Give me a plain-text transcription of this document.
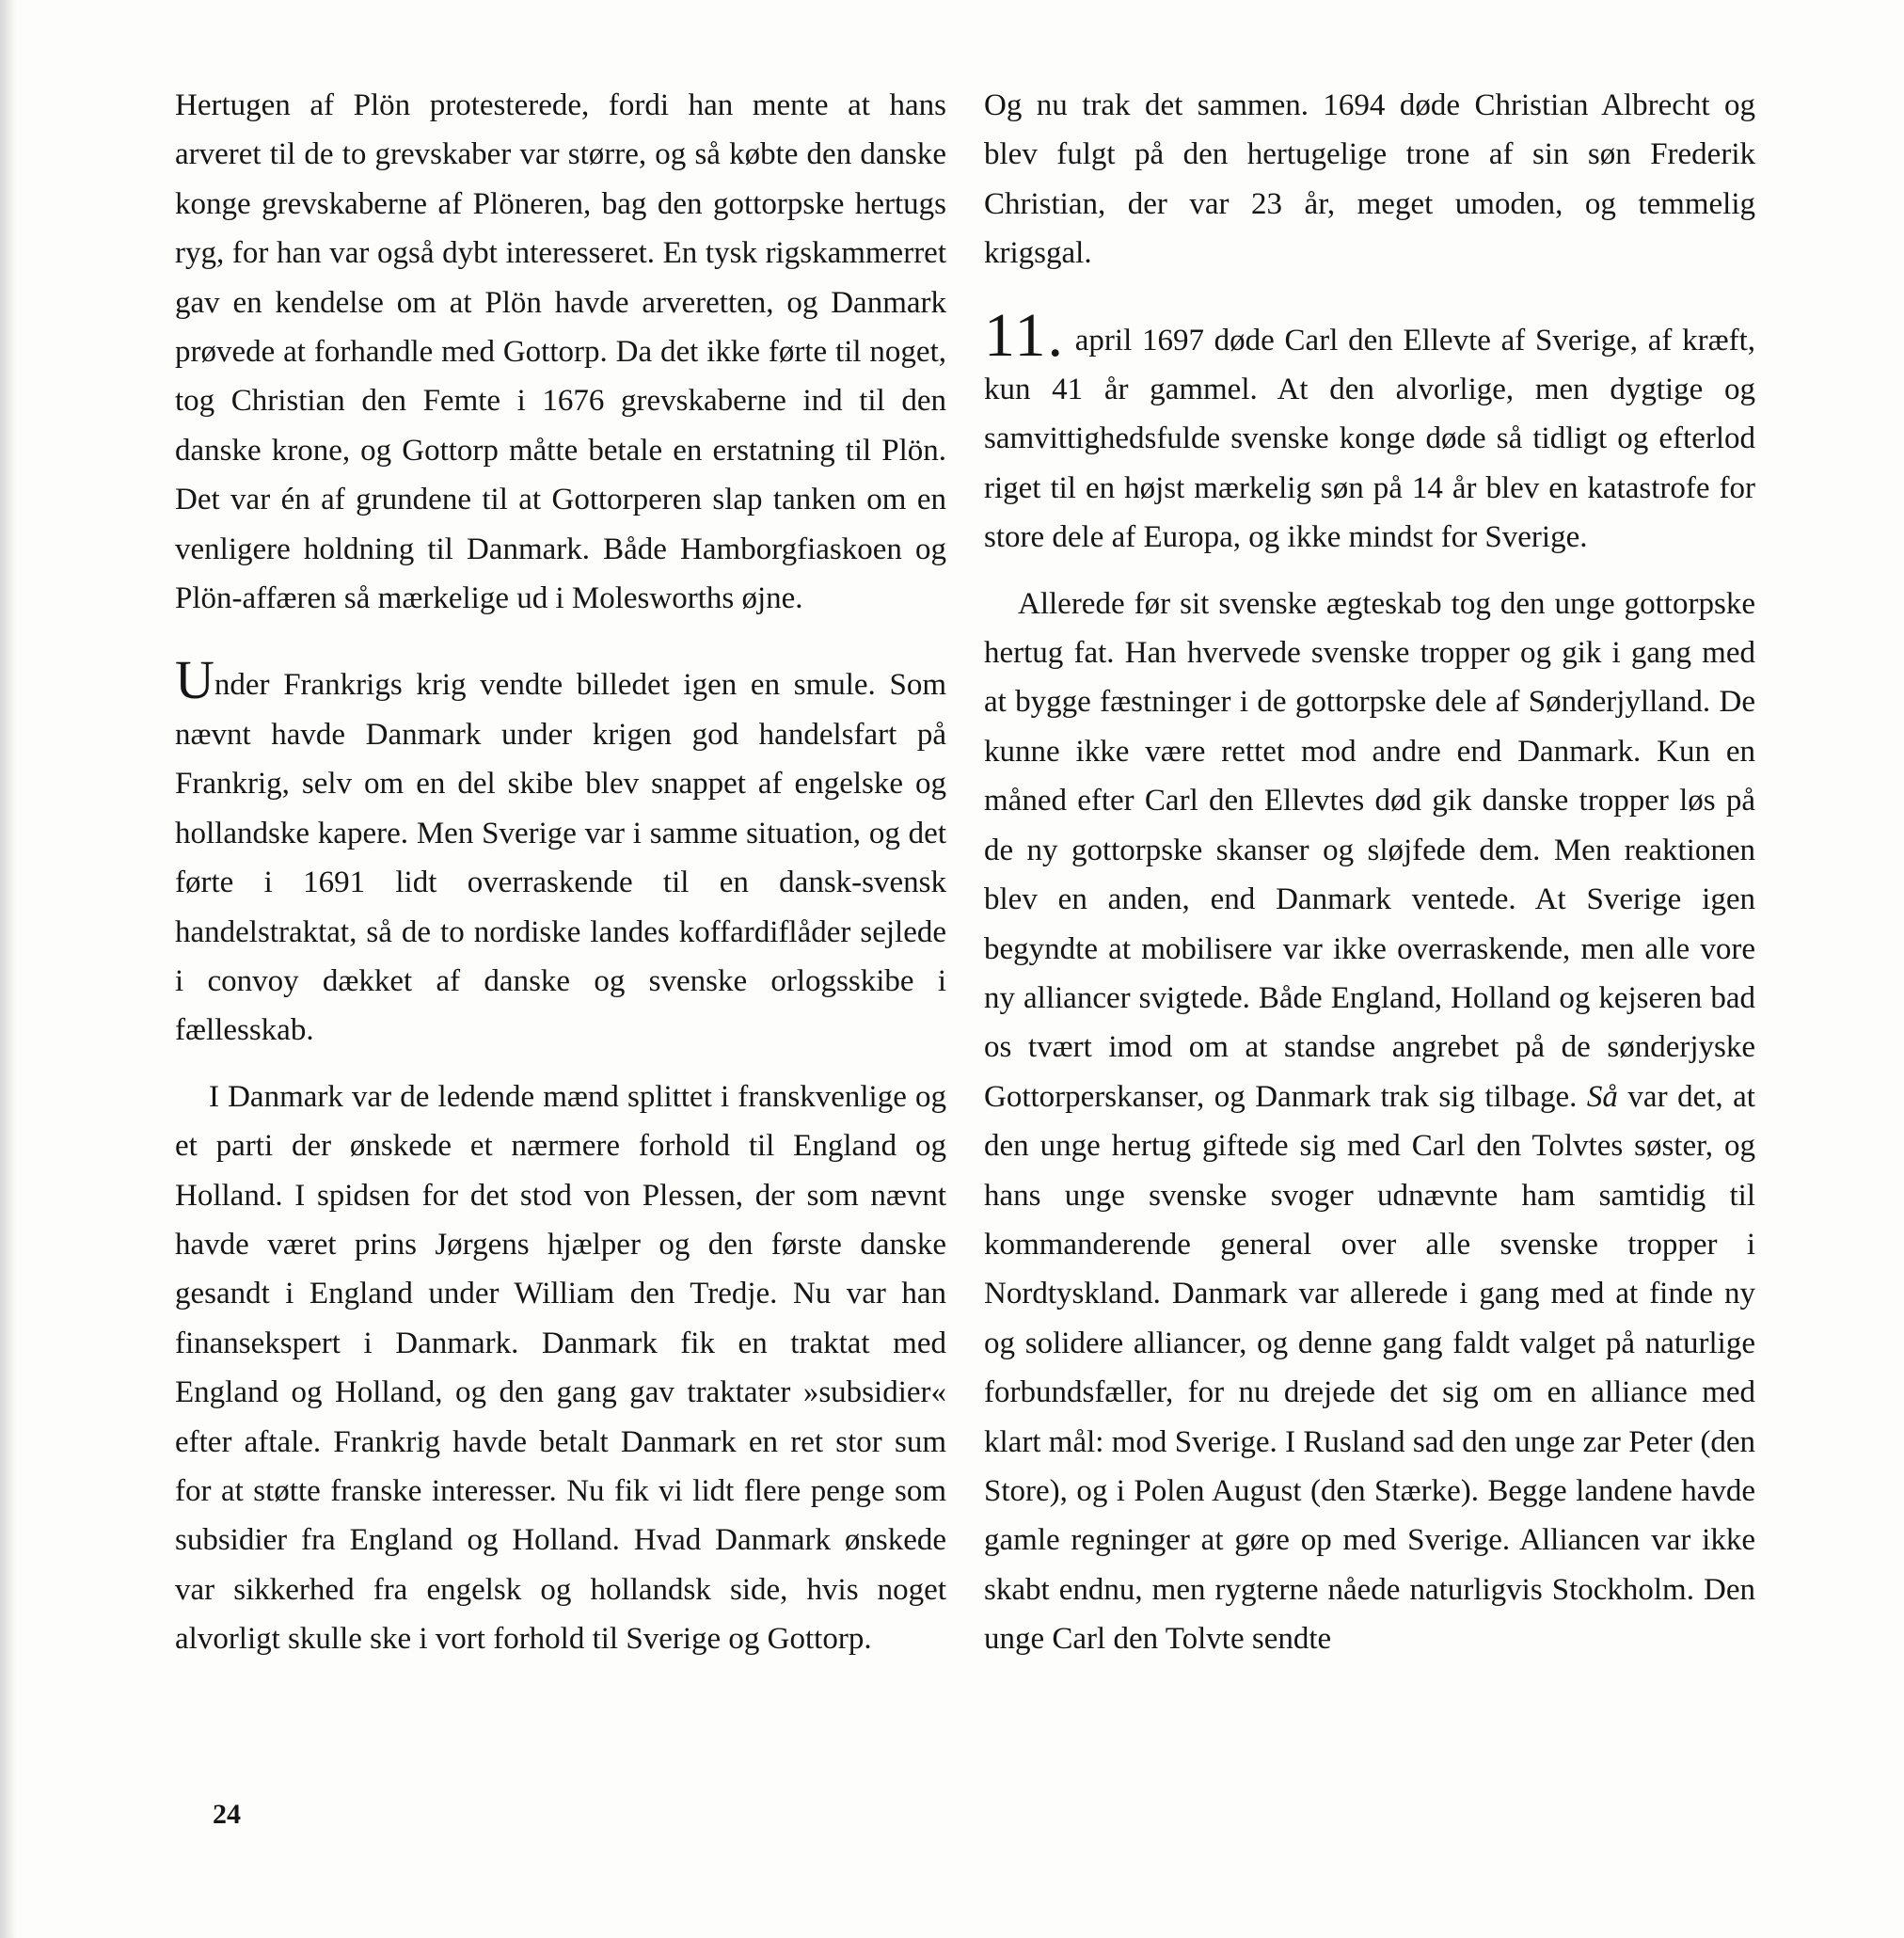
Hertugen af Plön protesterede, fordi han mente at hans arveret til de to grevskaber var større, og så købte den danske konge grevskaberne af Plöneren, bag den gottorpske hertugs ryg, for han var også dybt interesseret. En tysk rigskammerret gav en kendelse om at Plön havde arveretten, og Danmark prøvede at forhandle med Gottorp. Da det ikke førte til noget, tog Christian den Femte i 1676 grevskaberne ind til den danske krone, og Gottorp måtte betale en erstatning til Plön. Det var én af grundene til at Gottorperen slap tanken om en venligere holdning til Danmark. Både Hamborgfiaskoen og Plön-affæren så mærkelige ud i Molesworths øjne.

Under Frankrigs krig vendte billedet igen en smule. Som nævnt havde Danmark under krigen god handelsfart på Frankrig, selv om en del skibe blev snappet af engelske og hollandske kapere. Men Sverige var i samme situation, og det førte i 1691 lidt overraskende til en dansk-svensk handelstraktat, så de to nordiske landes koffardiflåder sejlede i convoy dækket af danske og svenske orlogsskibe i fællesskab.

I Danmark var de ledende mænd splittet i franskvenlige og et parti der ønskede et nærmere forhold til England og Holland. I spidsen for det stod von Plessen, der som nævnt havde været prins Jørgens hjælper og den første danske gesandt i England under William den Tredje. Nu var han finansekspert i Danmark. Danmark fik en traktat med England og Holland, og den gang gav traktater »subsidier« efter aftale. Frankrig havde betalt Danmark en ret stor sum for at støtte franske interesser. Nu fik vi lidt flere penge som subsidier fra England og Holland. Hvad Danmark ønskede var sikkerhed fra engelsk og hollandsk side, hvis noget alvorligt skulle ske i vort forhold til Sverige og Gottorp.

Og nu trak det sammen. 1694 døde Christian Albrecht og blev fulgt på den hertugelige trone af sin søn Frederik Christian, der var 23 år, meget umoden, og temmelig krigsgal.

11. april 1697 døde Carl den Ellevte af Sverige, af kræft, kun 41 år gammel. At den alvorlige, men dygtige og samvittighedsfulde svenske konge døde så tidligt og efterlod riget til en højst mærkelig søn på 14 år blev en katastrofe for store dele af Europa, og ikke mindst for Sverige.

Allerede før sit svenske ægteskab tog den unge gottorpske hertug fat. Han hvervede svenske tropper og gik i gang med at bygge fæstninger i de gottorpske dele af Sønderjylland. De kunne ikke være rettet mod andre end Danmark. Kun en måned efter Carl den Ellevtes død gik danske tropper løs på de ny gottorpske skanser og sløjfede dem. Men reaktionen blev en anden, end Danmark ventede. At Sverige igen begyndte at mobilisere var ikke overraskende, men alle vore ny alliancer svigtede. Både England, Holland og kejseren bad os tvært imod om at standse angrebet på de sønderjyske Gottorperskanser, og Danmark trak sig tilbage. Så var det, at den unge hertug giftede sig med Carl den Tolvtes søster, og hans unge svenske svoger udnævnte ham samtidig til kommanderende general over alle svenske tropper i Nordtyskland. Danmark var allerede i gang med at finde ny og solidere alliancer, og denne gang faldt valget på naturlige forbundsfæller, for nu drejede det sig om en alliance med klart mål: mod Sverige. I Rusland sad den unge zar Peter (den Store), og i Polen August (den Stærke). Begge landene havde gamle regninger at gøre op med Sverige. Alliancen var ikke skabt endnu, men rygterne nåede naturligvis Stockholm. Den unge Carl den Tolvte sendte

24
